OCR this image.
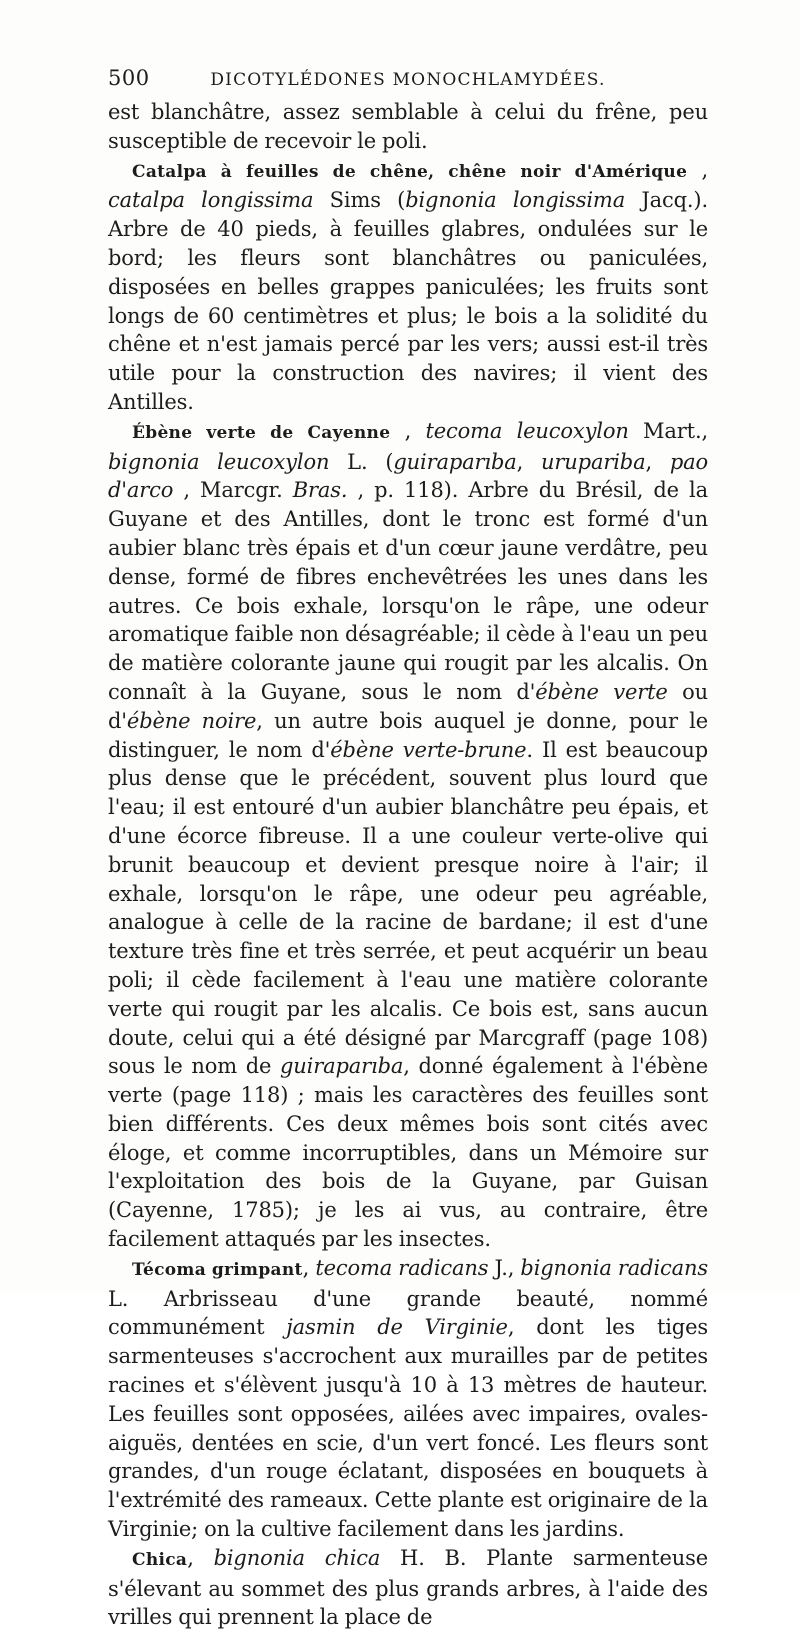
500	DICOTYLÉDONES MONOCHLAMYDÉES.

est blanchâtre, assez semblable à celui du frêne, peu susceptible de recevoir le poli.

Catalpa à feuilles de chêne, chêne noir d'Amérique , catalpa longissima Sims (bignonia longissima Jacq.). Arbre de 40 pieds, à feuilles glabres, ondulées sur le bord; les fleurs sont blanchâtres ou paniculées, disposées en belles grappes paniculées; les fruits sont longs de 60 centimètres et plus; le bois a la solidité du chêne et n'est jamais percé par les vers; aussi est-il très utile pour la construction des navires; il vient des Antilles.

Ébène verte de Cayenne , tecoma leucoxylon Mart., bignonia leucoxylon L. (guiraparıba, urupariba, pao d'arco , Marcgr. Bras. , p. 118). Arbre du Brésil, de la Guyane et des Antilles, dont le tronc est formé d'un aubier blanc très épais et d'un cœur jaune verdâtre, peu dense, formé de fibres enchevêtrées les unes dans les autres. Ce bois exhale, lorsqu'on le râpe, une odeur aromatique faible non désagréable; il cède à l'eau un peu de matière colorante jaune qui rougit par les alcalis. On connaît à la Guyane, sous le nom d'ébène verte ou d'ébène noire, un autre bois auquel je donne, pour le distinguer, le nom d'ébène verte-brune. Il est beaucoup plus dense que le précédent, souvent plus lourd que l'eau; il est entouré d'un aubier blanchâtre peu épais, et d'une écorce fibreuse. Il a une couleur verte-olive qui brunit beaucoup et devient presque noire à l'air; il exhale, lorsqu'on le râpe, une odeur peu agréable, analogue à celle de la racine de bardane; il est d'une texture très fine et très serrée, et peut acquérir un beau poli; il cède facilement à l'eau une matière colorante verte qui rougit par les alcalis. Ce bois est, sans aucun doute, celui qui a été désigné par Marcgraff (page 108) sous le nom de guiraparıba, donné également à l'ébène verte (page 118) ; mais les caractères des feuilles sont bien différents. Ces deux mêmes bois sont cités avec éloge, et comme incorruptibles, dans un Mémoire sur l'exploitation des bois de la Guyane, par Guisan (Cayenne, 1785); je les ai vus, au contraire, être facilement attaqués par les insectes.

Técoma grimpant, tecoma radicans J., bignonia radicans L. Arbrisseau d'une grande beauté, nommé communément jasmin de Virginie, dont les tiges sarmenteuses s'accrochent aux murailles par de petites racines et s'élèvent jusqu'à 10 à 13 mètres de hauteur. Les feuilles sont opposées, ailées avec impaires, ovales-aiguës, dentées en scie, d'un vert foncé. Les fleurs sont grandes, d'un rouge éclatant, disposées en bouquets à l'extrémité des rameaux. Cette plante est originaire de la Virginie; on la cultive facilement dans les jardins.

Chica, bignonia chica H. B. Plante sarmenteuse s'élevant au sommet des plus grands arbres, à l'aide des vrilles qui prennent la place de
